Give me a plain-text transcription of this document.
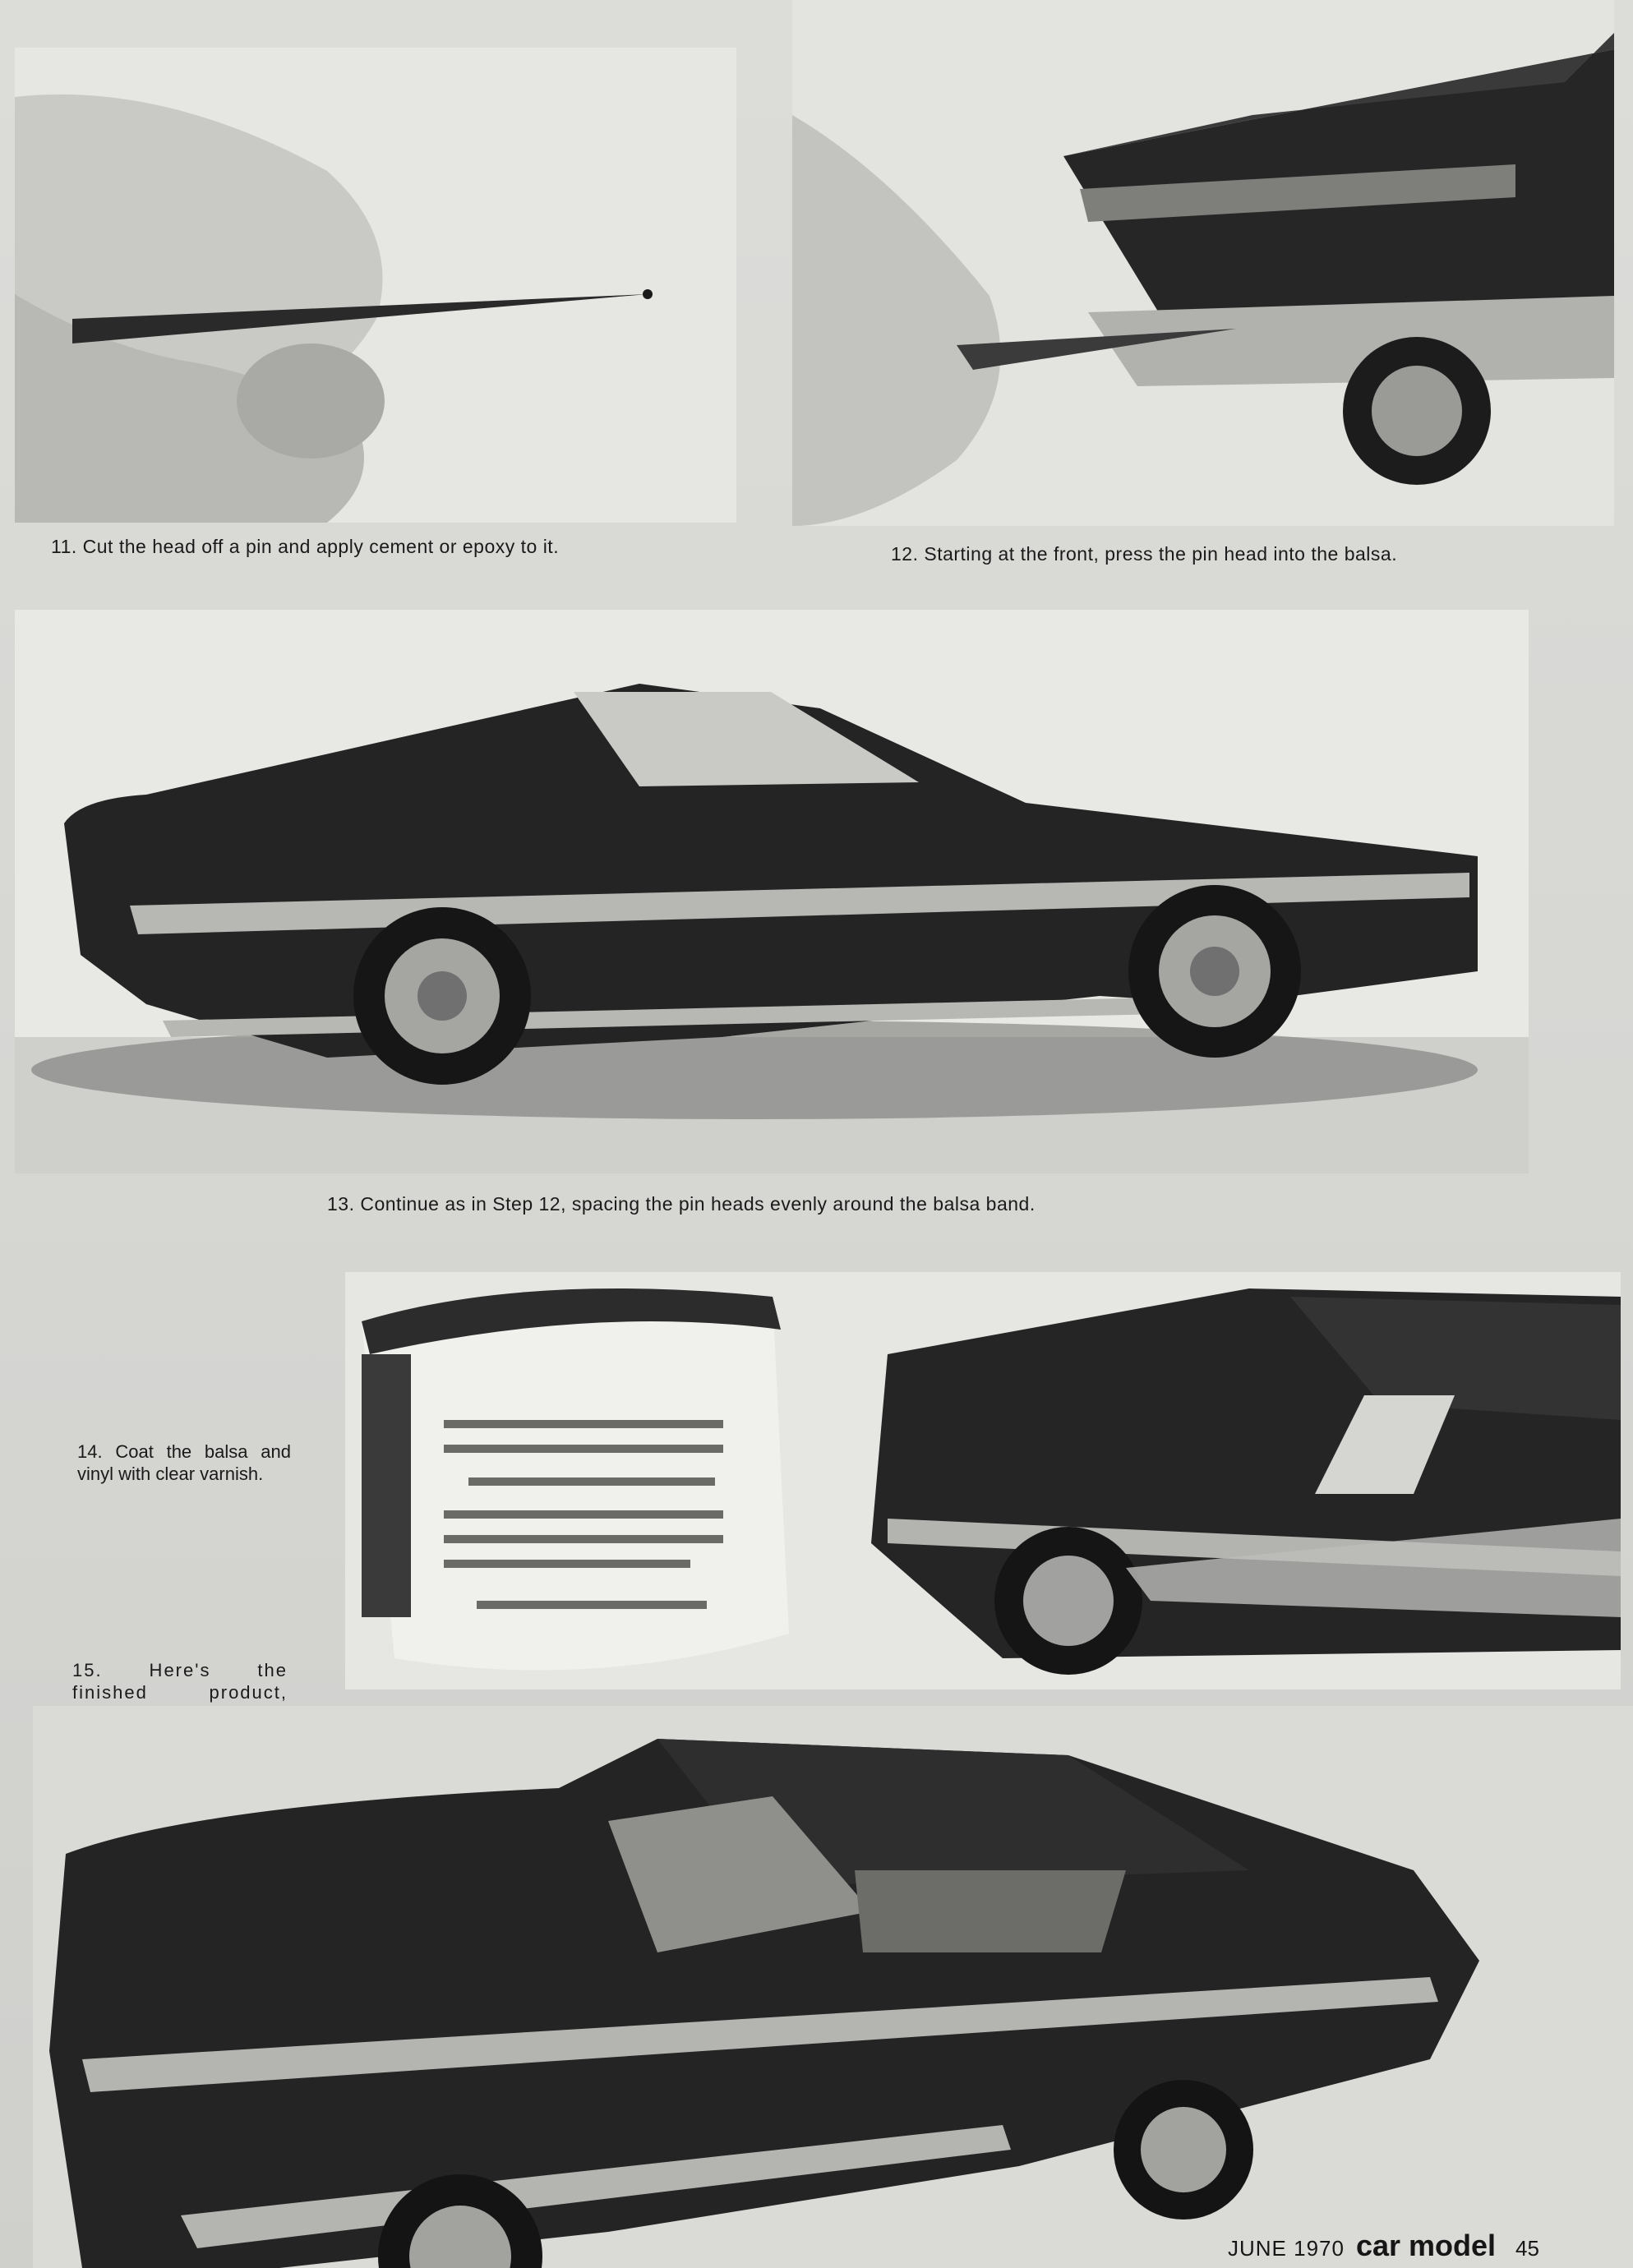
11. Cut the head off a pin and apply cement or epoxy to it.	12. Starting at the front, press the pin head into the balsa.
13. Continue as in Step 12, spacing the pin heads evenly around the balsa band.
14. Coat the balsa and vinyl with clear varnish.
15. Here's the finished product,
JUNE 1970 car model 45
